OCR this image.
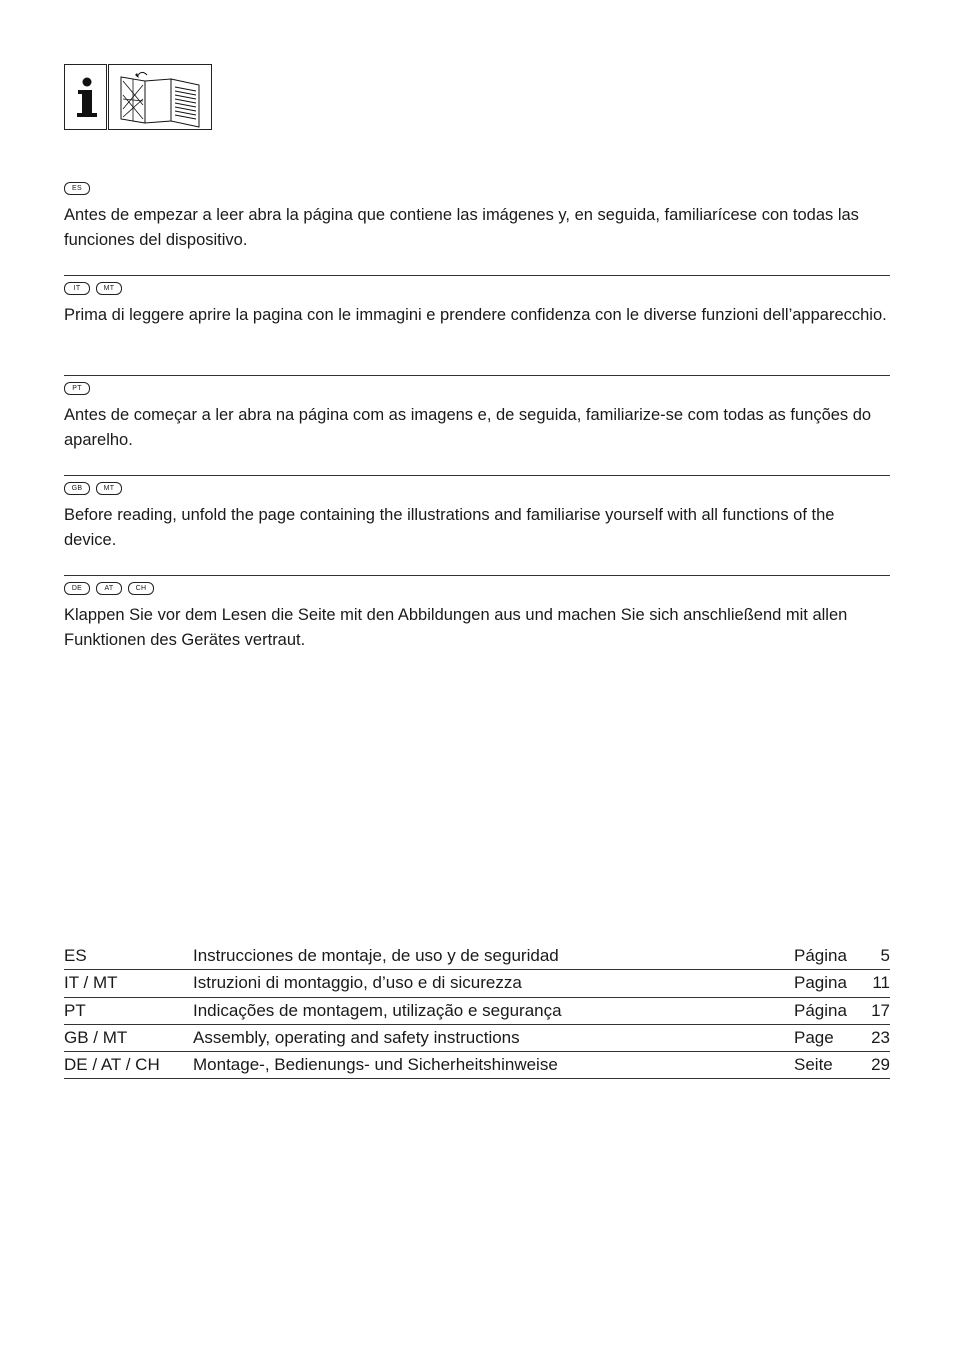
ES

Antes de empezar a leer abra la página que contiene las imágenes y, en seguida, familiarícese con todas las funciones del dispositivo.

IT	MT

Prima di leggere aprire la pagina con le immagini e prendere confidenza con le diverse funzioni dell’apparecchio.

PT

Antes de começar a ler abra na página com as imagens e, de seguida, familiarize-se com todas as funções do aparelho.

GB	MT

Before reading, unfold the page containing the illustrations and familiarise yourself with all functions of the device.

DE	AT	CH

Klappen Sie vor dem Lesen die Seite mit den Abbildungen aus und machen Sie sich anschließend mit allen Funktionen des Gerätes vertraut.

ES	Instrucciones de montaje, de uso y de seguridad	Página	5
IT / MT	Istruzioni di montaggio, d’uso e di sicurezza	Pagina	11
PT	Indicações de montagem, utilização e segurança	Página	17
GB / MT	Assembly, operating and safety instructions	Page	23
DE / AT / CH	Montage-, Bedienungs- und Sicherheitshinweise	Seite	29
